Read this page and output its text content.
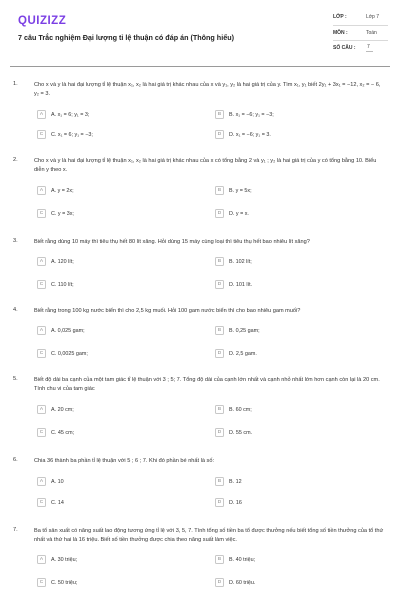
QUIZIZZ
7 câu Trắc nghiệm Đại lượng tỉ lệ thuận có đáp án (Thông hiểu)
LỚP :	Lớp 7
MÔN :	Toán
SỐ CÂU : 7
1.	Cho x và y là hai đại lượng tỉ lệ thuận x₁, x₂ là hai giá trị khác nhau của x và y₁, y₂ là hai giá trị của y. Tìm x₁, y₁ biết 2y₁ + 3x₁ = −12, x₂ = − 6, y₂ = 3.
A	A. x₁ = 6; y₁ = 3;	B	B. x₁ = −6; y₁ = −3;
C	C. x₁ = 6; y₁ = −3;	D	D. x₁ = −6; y₁ = 3.
2.	Cho x và y là hai đại lượng tỉ lệ thuận x₁, x₂ là hai giá trị khác nhau của x có tổng bằng 2 và y₁ ; y₂ là hai giá trị của y có tổng bằng 10. Biểu diễn y theo x.
A	A. y = 2x;	B	B. y = 5x;
C	C. y = 3x;	D	D. y = x.
3.	Biết rằng dùng 10 máy thì tiêu thụ hết 80 lít xăng. Hỏi dùng 15 máy cùng loại thì tiêu thụ hết bao nhiêu lít xăng?
A	A. 120 lít;	B	B. 102 lít;
C	C. 110 lít;	D	D. 101 lít.
4.	Biết rằng trong 100 kg nước biển thì cho 2,5 kg muối. Hỏi 100 gam nước biển thì cho bao nhiêu gam muối?
A	A. 0,025 gam;	B	B. 0,25 gam;
C	C. 0,0025 gam;	D	D. 2,5 gam.
5.	Biết độ dài ba cạnh của một tam giác tỉ lệ thuận với 3 ; 5; 7. Tổng độ dài của cạnh lớn nhất và cạnh nhỏ nhất lớn hơn cạnh còn lại là 20 cm. Tính chu vi của tam giác
A	A. 20 cm;	B	B. 60 cm;
C	C. 45 cm;	D	D. 55 cm.
6.	Chia 36 thành ba phần tỉ lệ thuận với 5 ; 6 ; 7. Khi đó phần bé nhất là số:
A	A. 10	B	B. 12
C	C. 14	D	D. 16
7.	Ba tổ sản xuất có năng suất lao động tương ứng tỉ lệ với 3, 5, 7. Tính tổng số tiền ba tổ được thưởng nếu biết tổng số tiền thưởng của tổ thứ nhất và thứ hai là 16 triệu. Biết số tiền thưởng được chia theo năng suất làm việc.
A	A. 30 triệu;	B	B. 40 triệu;
C	C. 50 triệu;	D	D. 60 triệu.
